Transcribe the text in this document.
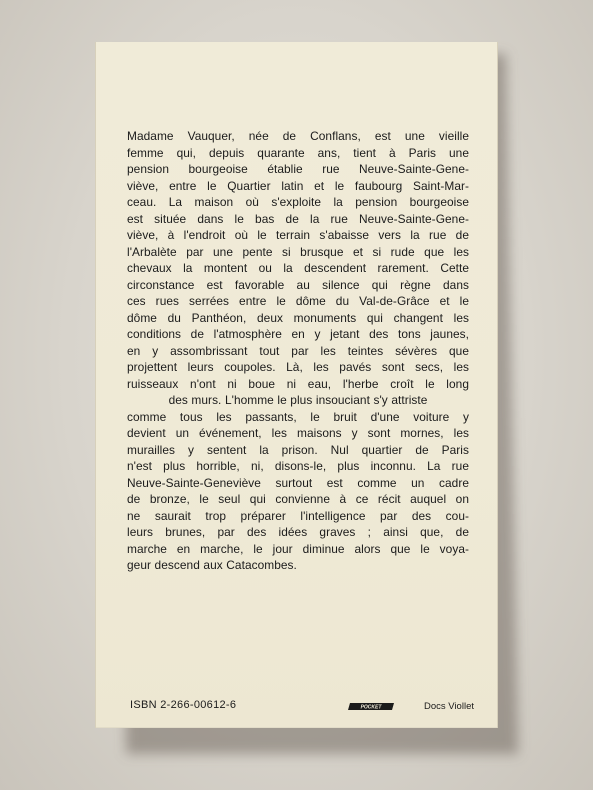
Madame Vauquer, née de Conflans, est une vieille
femme qui, depuis quarante ans, tient à Paris une
pension bourgeoise établie rue Neuve-Sainte-Gene-
viève, entre le Quartier latin et le faubourg Saint-Mar-
ceau. La maison où s'exploite la pension bourgeoise
est située dans le bas de la rue Neuve-Sainte-Gene-
viève, à l'endroit où le terrain s'abaisse vers la rue de
l'Arbalète par une pente si brusque et si rude que les
chevaux la montent ou la descendent rarement. Cette
circonstance est favorable au silence qui règne dans
ces rues serrées entre le dôme du Val-de-Grâce et le
dôme du Panthéon, deux monuments qui changent les
conditions de l'atmosphère en y jetant des tons jaunes,
en y assombrissant tout par les teintes sévères que
projettent leurs coupoles. Là, les pavés sont secs, les
ruisseaux n'ont ni boue ni eau, l'herbe croît le long
des murs. L'homme le plus insouciant s'y attriste
comme tous les passants, le bruit d'une voiture y
devient un événement, les maisons y sont mornes, les
murailles y sentent la prison. Nul quartier de Paris
n'est plus horrible, ni, disons-le, plus inconnu. La rue
Neuve-Sainte-Geneviève surtout est comme un cadre
de bronze, le seul qui convienne à ce récit auquel on
ne saurait trop préparer l'intelligence par des cou-
leurs brunes, par des idées graves ; ainsi que, de
marche en marche, le jour diminue alors que le voya-
geur descend aux Catacombes.
ISBN 2-266-00612-6	POCKET	Docs Viollet
